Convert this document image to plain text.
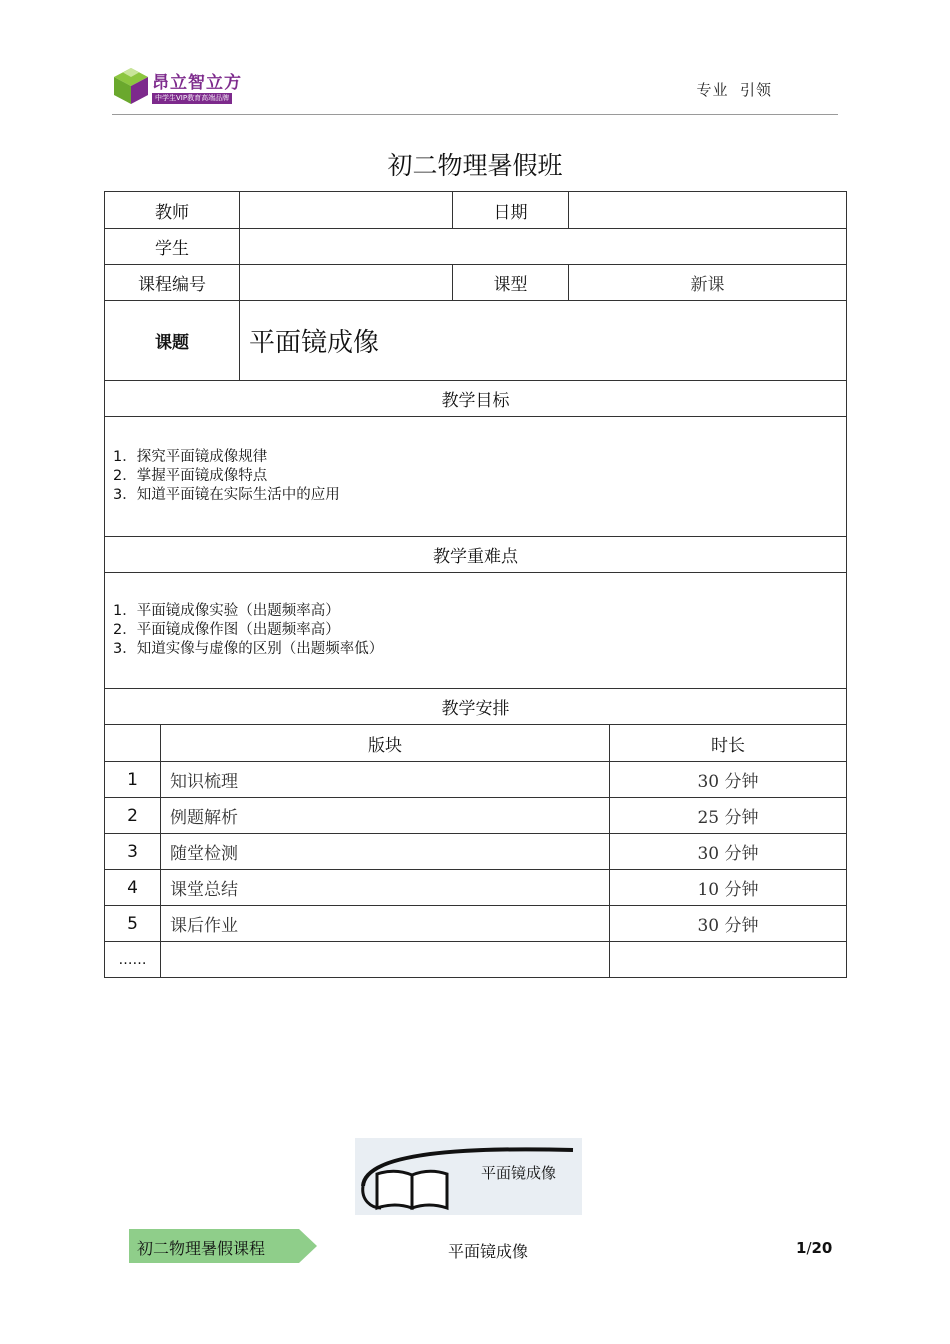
昂立智立方
中学生VIP教育高端品牌	专业  引领
初二物理暑假班
教师		日期	
学生			
课程编号		课型	新课
课题	平面镜成像		
教学目标			

1．探究平面镜成像规律
2．掌握平面镜成像特点
3．知道平面镜在实际生活中的应用			

教学重难点			

1．平面镜成像实验（出题频率高）
2．平面镜成像作图（出题频率高）
3．知道实像与虚像的区别（出题频率低）			

教学安排			
	版块	时长
1	知识梳理	30 分钟
2	例题解析	25 分钟
3	随堂检测	30 分钟
4	课堂总结	10 分钟
5	课后作业	30 分钟
……		
平面镜成像
初二物理暑假课程	平面镜成像	1/20
